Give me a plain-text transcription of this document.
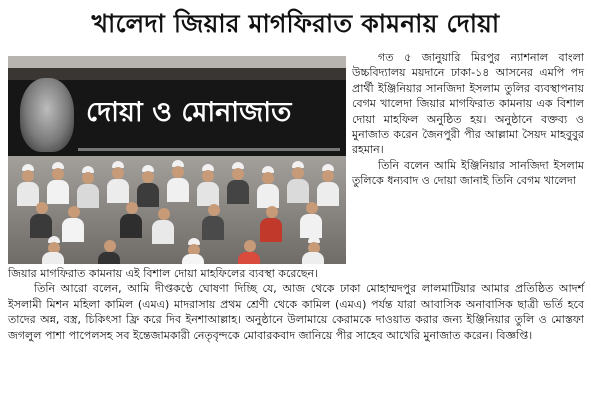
খালেদা জিয়ার মাগফিরাত কামনায় দোয়া
দোয়া ও মোনাজাত

গত ৫ জানুয়ারি মিরপুর ন্যাশনাল বাংলা উচ্চবিদ্যালয় ময়দানে ঢাকা-১৪ আসনের এমপি পদ প্রার্থী ইঞ্জিনিয়ার সানজিদা ইসলাম তুলির ব্যবস্থাপনায় বেগম খালেদা জিয়ার মাগফিরাত কামনায় এক বিশাল দোয়া মাহফিল অনুষ্ঠিত হয়। অনুষ্ঠানে বক্তব্য ও মুনাজাত করেন জৈনপুরী পীর আল্লামা সৈয়দ মাহবুবুর রহমান।

তিনি বলেন আমি ইঞ্জিনিয়ার সানজিদা ইসলাম তুলিকে ধন্যবাদ ও দোয়া জানাই তিনি বেগম খালেদা

জিয়ার মাগফিরাত কামনায় এই বিশাল দোয়া মাহফিলের ব্যবস্থা করেছেন।

তিনি আরো বলেন, আমি দীপ্তকণ্ঠে ঘোষণা দিচ্ছি যে, আজ থেকে ঢাকা মোহাম্মদপুর লালমাটিয়ার আমার প্রতিষ্ঠিত আদর্শ ইসলামী মিশন মহিলা কামিল (এমএ) মাদরাসায় প্রথম শ্রেণী থেকে কামিল (এমএ) পর্যন্ত যারা আবাসিক অনাবাসিক ছাত্রী ভর্তি হবে তাদের অন্ন, বস্ত্র, চিকিৎসা ফ্রি করে দিব ইনশাআল্লাহ। অনুষ্ঠানে উলামায়ে কেরামকে দাওয়াত করার জন্য ইঞ্জিনিয়ার তুলি ও মোস্তফা জগলুল পাশা পাপেলসহ সব ইন্তেজামকারী নেতৃবৃন্দকে মোবারকবাদ জানিয়ে পীর সাহেব আখেরি মুনাজাত করেন। বিজ্ঞপ্তি।
